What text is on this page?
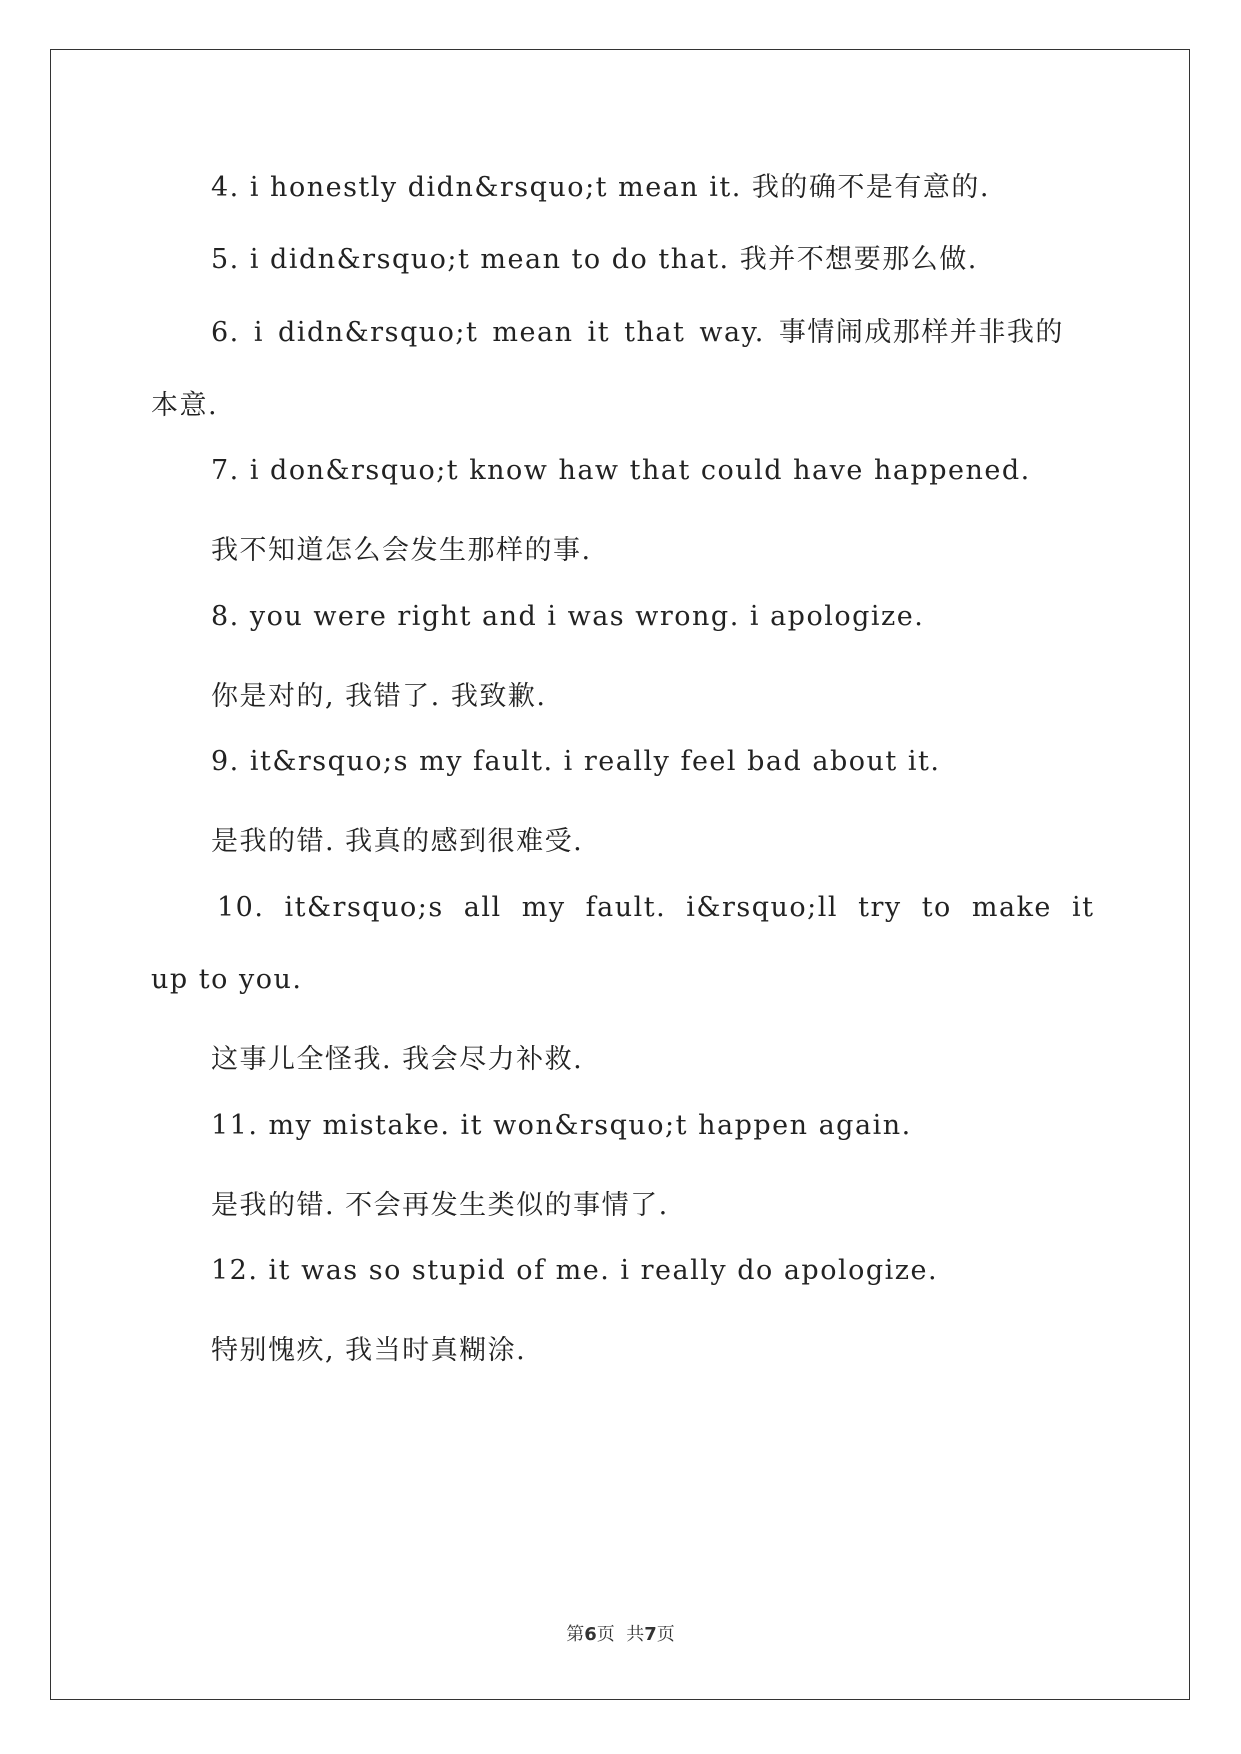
4. i honestly didn&rsquo;t mean it. 我的确不是有意的.
5. i didn&rsquo;t mean to do that. 我并不想要那么做.
6. i didn&rsquo;t mean it that way. 事情闹成那样并非我的
本意.
7. i don&rsquo;t know haw that could have happened.
我不知道怎么会发生那样的事.
8. you were right and i was wrong. i apologize.
你是对的, 我错了. 我致歉.
9. it&rsquo;s my fault. i really feel bad about it.
是我的错. 我真的感到很难受.
10. it&rsquo;s all my fault. i&rsquo;ll try to make it
up to you.
这事儿全怪我. 我会尽力补救.
11. my mistake. it won&rsquo;t happen again.
是我的错. 不会再发生类似的事情了.
12. it was so stupid of me. i really do apologize.
特别愧疚, 我当时真糊涂.
第6页  共7页
